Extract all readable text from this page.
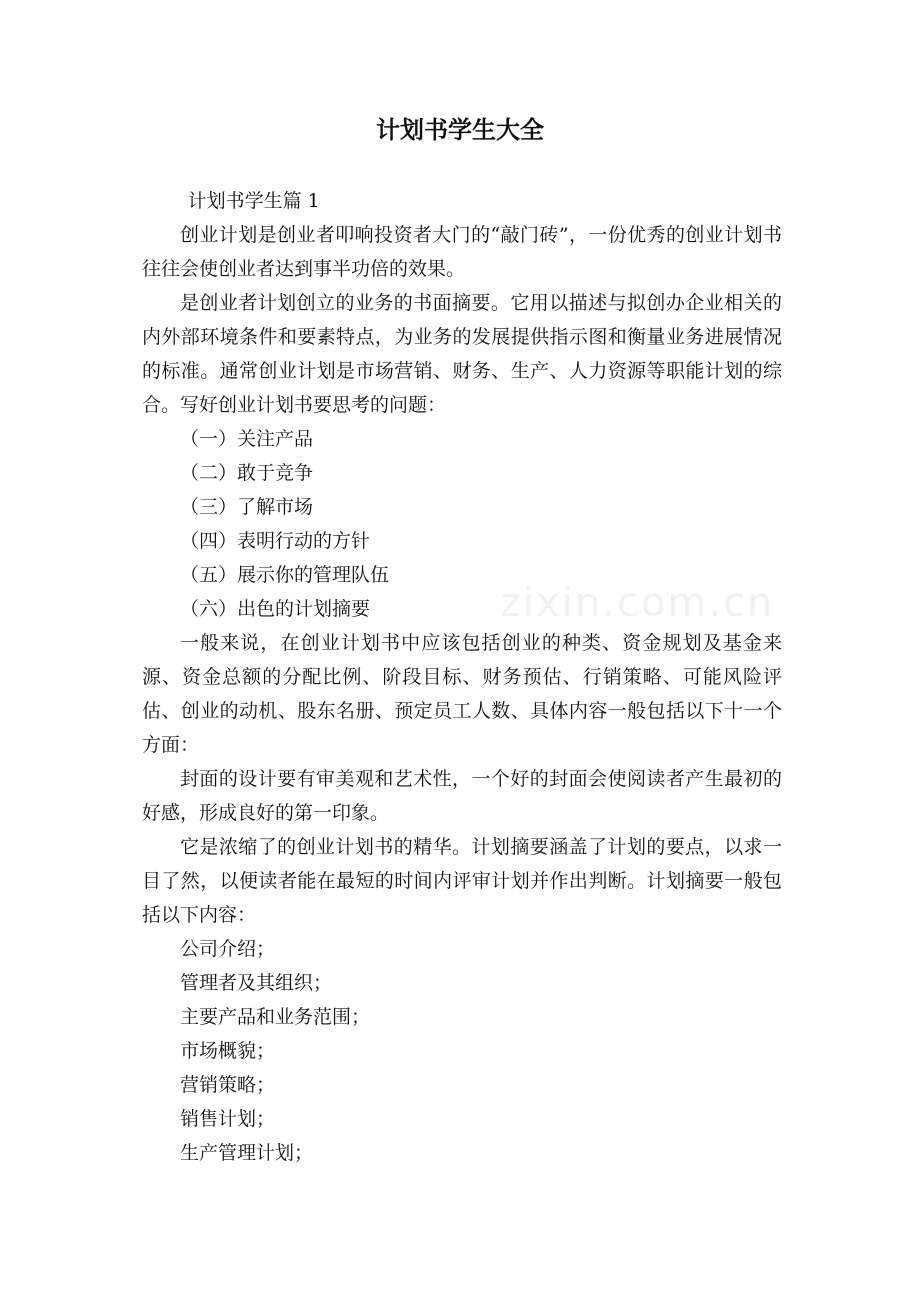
计划书学生大全
zixin.com.cn

计划书学生篇 1

创业计划是创业者叩响投资者大门的“敲门砖”，一份优秀的创业计划书往往会使创业者达到事半功倍的效果。

是创业者计划创立的业务的书面摘要。它用以描述与拟创办企业相关的内外部环境条件和要素特点，为业务的发展提供指示图和衡量业务进展情况的标准。通常创业计划是市场营销、财务、生产、人力资源等职能计划的综合。写好创业计划书要思考的问题：

（一）关注产品

（二）敢于竞争

（三）了解市场

（四）表明行动的方针

（五）展示你的管理队伍

（六）出色的计划摘要

一般来说，在创业计划书中应该包括创业的种类、资金规划及基金来源、资金总额的分配比例、阶段目标、财务预估、行销策略、可能风险评估、创业的动机、股东名册、预定员工人数、具体内容一般包括以下十一个方面：

封面的设计要有审美观和艺术性，一个好的封面会使阅读者产生最初的好感，形成良好的第一印象。

它是浓缩了的创业计划书的精华。计划摘要涵盖了计划的要点，以求一目了然，以便读者能在最短的时间内评审计划并作出判断。计划摘要一般包括以下内容：

公司介绍；

管理者及其组织；

主要产品和业务范围；

市场概貌；

营销策略；

销售计划；

生产管理计划；
